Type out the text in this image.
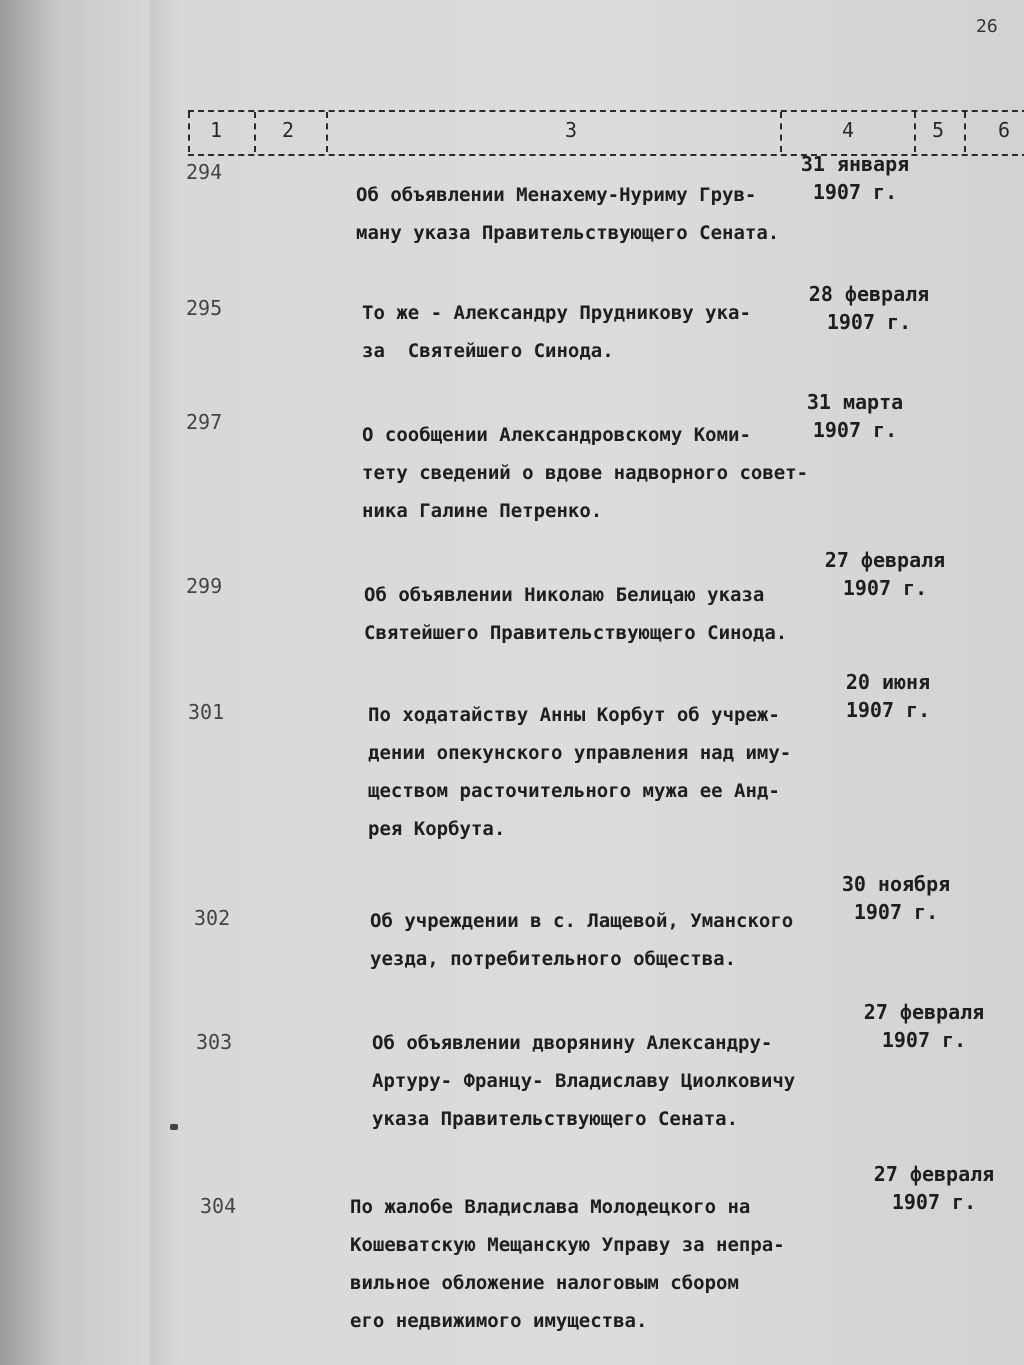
26
1	2	3	4	5	6
294
Об объявлении Менахему-Нуриму Грув-
ману указа Правительствующего Сената.
31 января
1907 г.
295	То же - Александру Прудникову ука-
за  Святейшего Синода.
28 февраля
1907 г.
297
О сообщении Александровскому Коми-
тету сведений о вдове надворного совет-
ника Галине Петренко.
31 марта
1907 г.
299	Об объявлении Николаю Белицаю указа
Святейшего Правительствующего Синода.
27 февраля
1907 г.
301	По ходатайству Анны Корбут об учреж-
дении опекунского управления над иму-
ществом расточительного мужа ее Анд-
рея Корбута.
20 июня
1907 г.
302	Об учреждении в с. Лащевой, Уманского
уезда, потребительного общества.
30 ноября
1907 г.
303	Об объявлении дворянину Александру-
Артуру- Францу- Владиславу Циолковичу
указа Правительствующего Сената.
27 февраля
1907 г.
304	По жалобе Владислава Молодецкого на
Кошеватскую Мещанскую Управу за непра-
вильное обложение налоговым сбором
его недвижимого имущества.
27 февраля
1907 г.
